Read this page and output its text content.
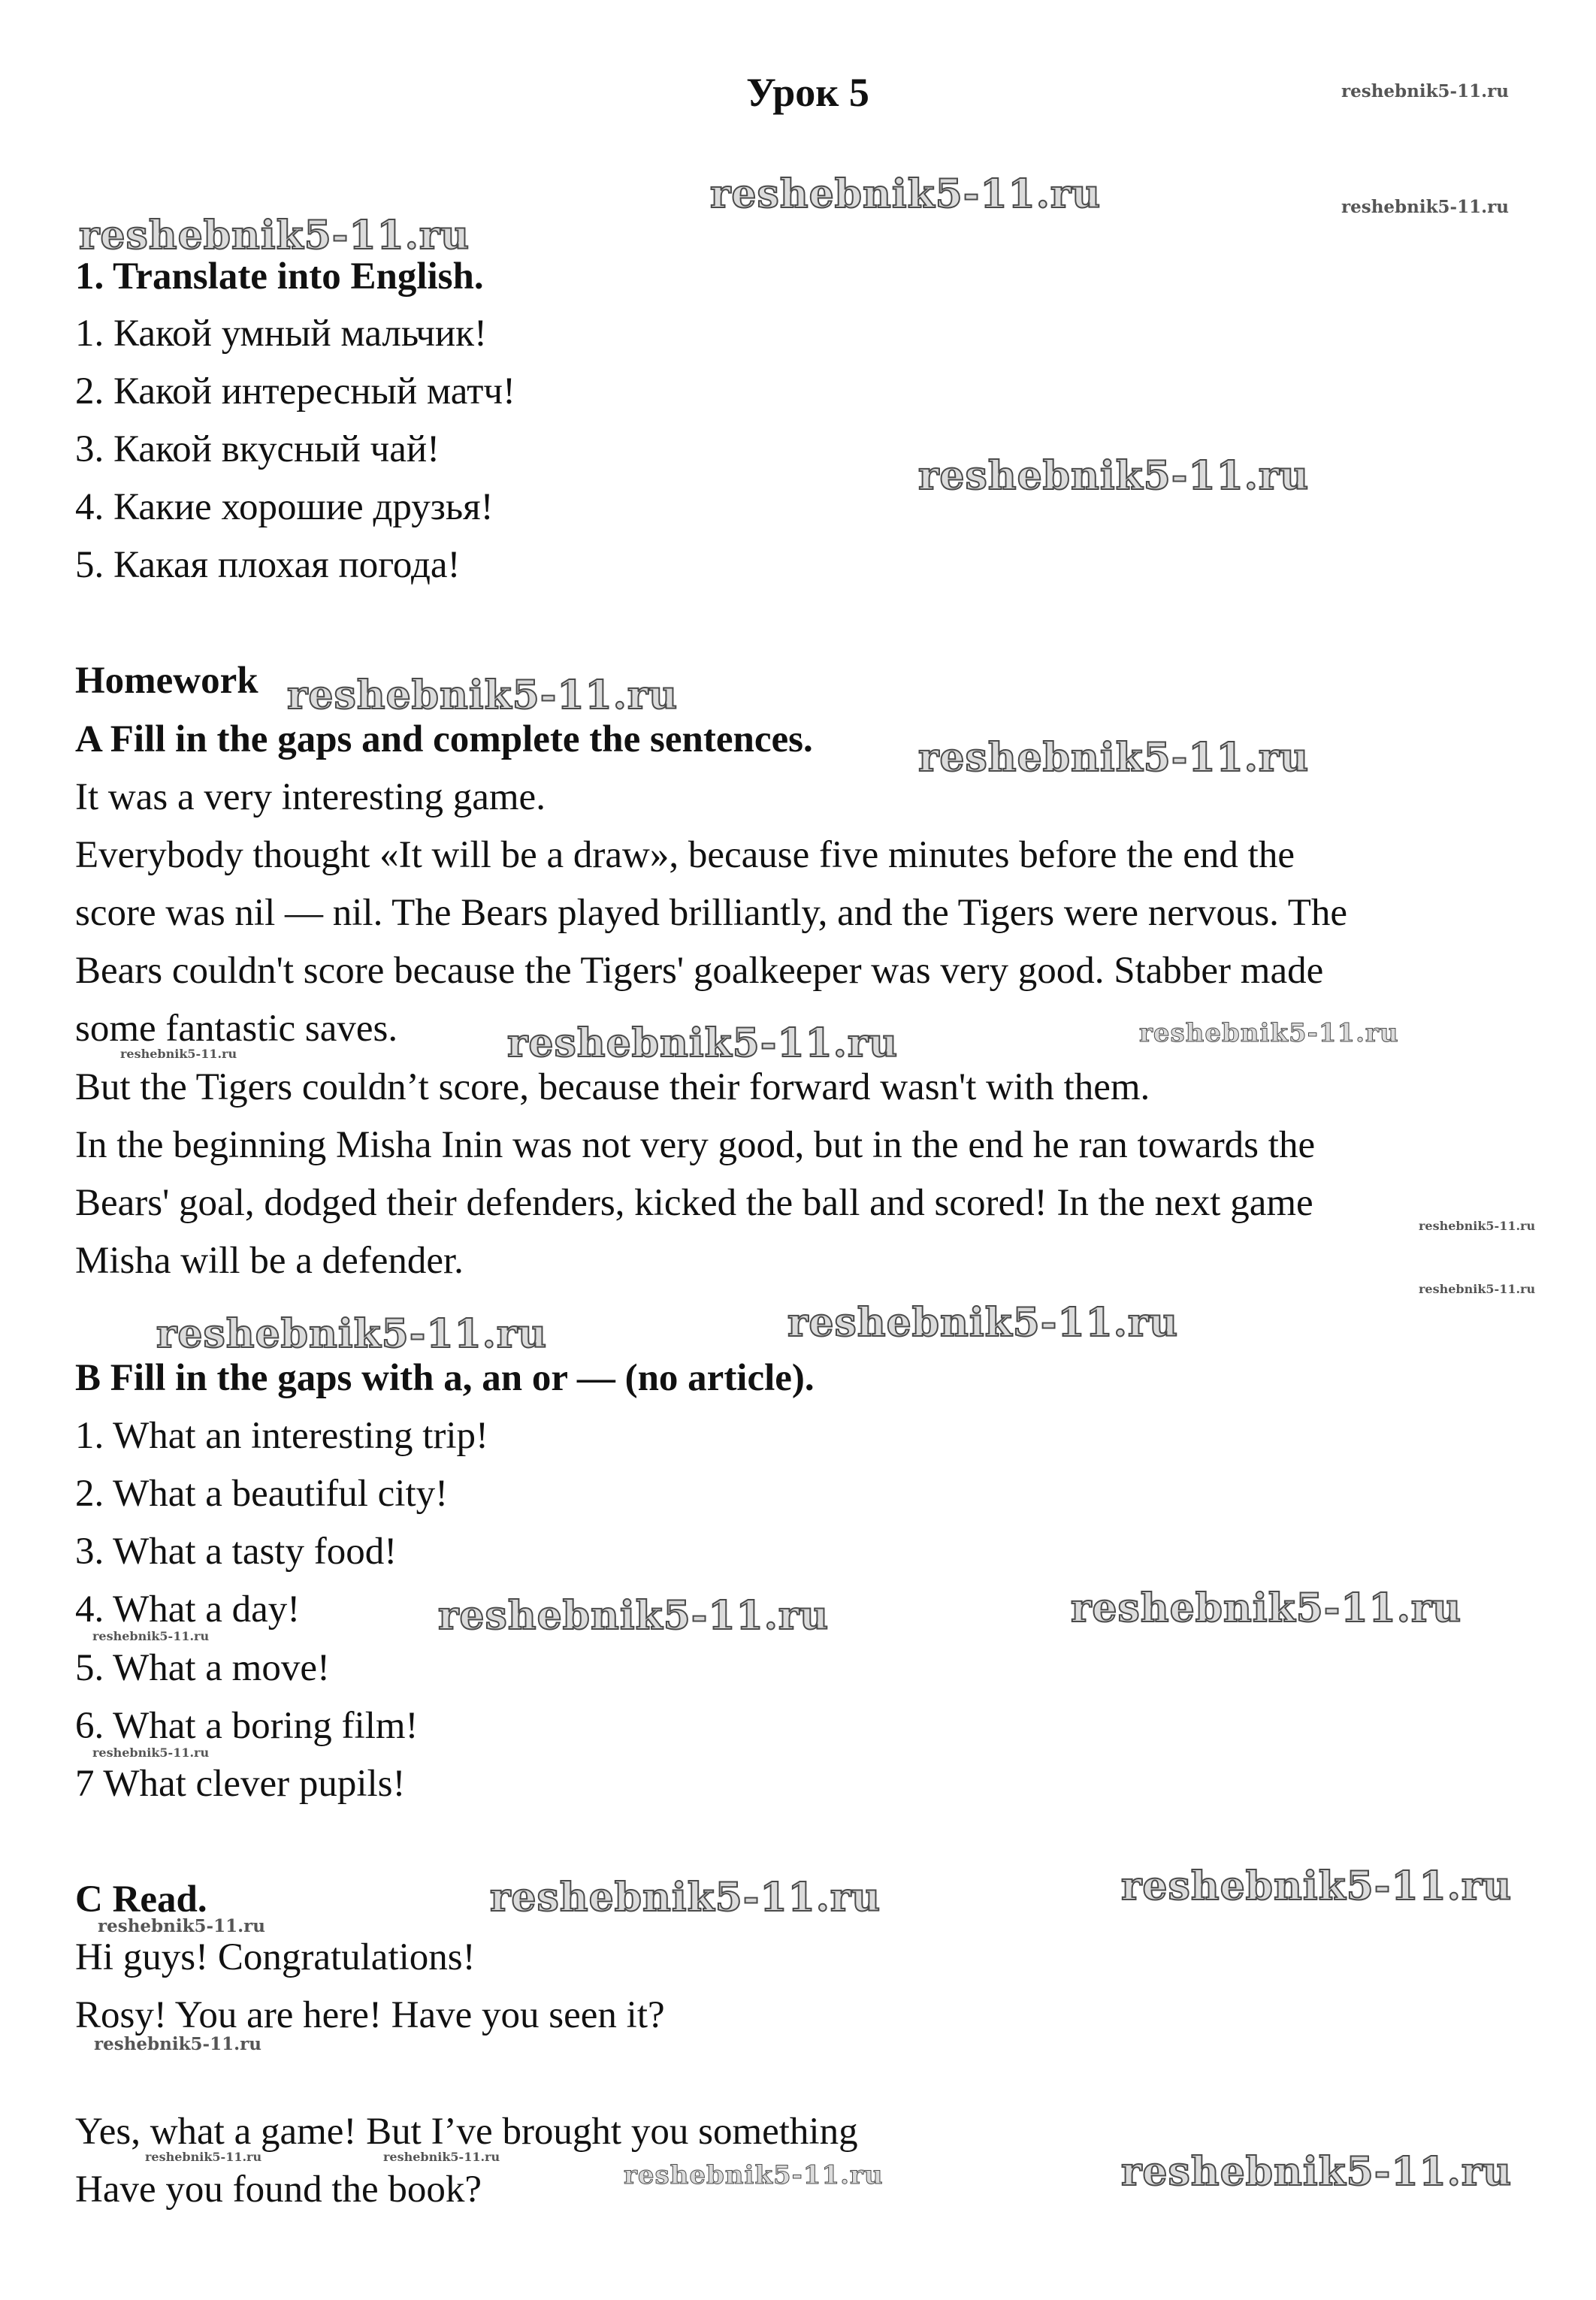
Урок 5
1. Translate into English.
1. Какой умный мальчик!
2. Какой интересный матч!
3. Какой вкусный чай!
4. Какие хорошие друзья!
5. Какая плохая погода!
Homework
A Fill in the gaps and complete the sentences.
It was a very interesting game.
Everybody thought «It will be a draw», because five minutes before the end the
score was nil — nil. The Bears played brilliantly, and the Tigers were nervous. The
Bears couldn't score because the Tigers' goalkeeper was very good. Stabber made
some fantastic saves.
But the Tigers couldn’t score, because their forward wasn't with them.
In the beginning Misha Inin was not very good, but in the end he ran towards the
Bears' goal, dodged their defenders, kicked the ball and scored! In the next game
Misha will be a defender.
B Fill in the gaps with a, an or — (no article).
1. What an interesting trip!
2. What a beautiful city!
3. What a tasty food!
4. What a day!
5. What a move!
6. What a boring film!
7 What clever pupils!
C Read.
Hi guys! Congratulations!
Rosy! You are here! Have you seen it?
Yes, what a game! But I’ve brought you something
Have you found the book?
reshebnik5-11.ru
reshebnik5-11.ru	reshebnik5-11.ru
reshebnik5-11.ru
reshebnik5-11.ru
reshebnik5-11.ru
reshebnik5-11.ru
reshebnik5-11.ru	reshebnik5-11.ru	reshebnik5-11.ru
reshebnik5-11.ru
reshebnik5-11.ru
reshebnik5-11.ru	reshebnik5-11.ru
reshebnik5-11.ru	reshebnik5-11.ru	reshebnik5-11.ru
reshebnik5-11.ru
reshebnik5-11.ru	reshebnik5-11.ru
reshebnik5-11.ru
reshebnik5-11.ru
reshebnik5-11.ru	reshebnik5-11.ru
reshebnik5-11.ru	reshebnik5-11.ru
